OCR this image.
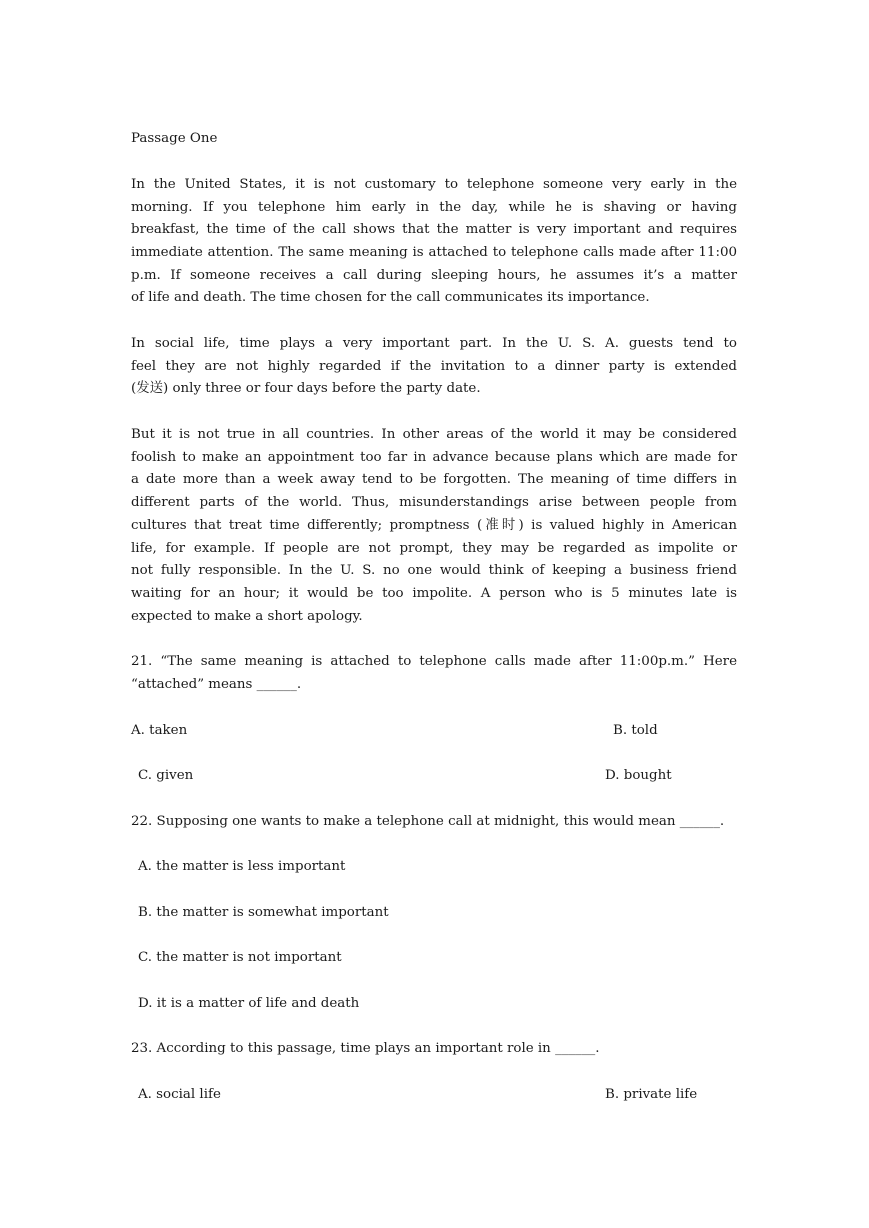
Passage One
In the United States, it is not customary to telephone someone very early in the
morning. If you telephone him early in the day, while he is shaving or having
breakfast, the time of the call shows that the matter is very important and requires
immediate attention. The same meaning is attached to telephone calls made after 11:00
p.m. If someone receives a call during sleeping hours, he assumes it’s a matter
of life and death. The time chosen for the call communicates its importance.
In social life, time plays a very important part. In the U. S. A. guests tend to
feel they are not highly regarded if the invitation to a dinner party is extended
(发送) only three or four days before the party date.
But it is not true in all countries. In other areas of the world it may be considered
foolish to make an appointment too far in advance because plans which are made for
a date more than a week away tend to be forgotten. The meaning of time differs in
different parts of the world. Thus, misunderstandings arise between people from
cultures that treat time differently; promptness (准时) is valued highly in American
life, for example. If people are not prompt, they may be regarded as impolite or
not fully responsible. In the U. S. no one would think of keeping a business friend
waiting for an hour; it would be too impolite. A person who is 5 minutes late is
expected to make a short apology.
21. “The same meaning is attached to telephone calls made after 11:00p.m.” Here
“attached” means ______.
A. taken	B. told
C. given	D. bought
22. Supposing one wants to make a telephone call at midnight, this would mean ______.
A. the matter is less important
B. the matter is somewhat important
C. the matter is not important
D. it is a matter of life and death
23. According to this passage, time plays an important role in ______.
A. social life	B. private life
